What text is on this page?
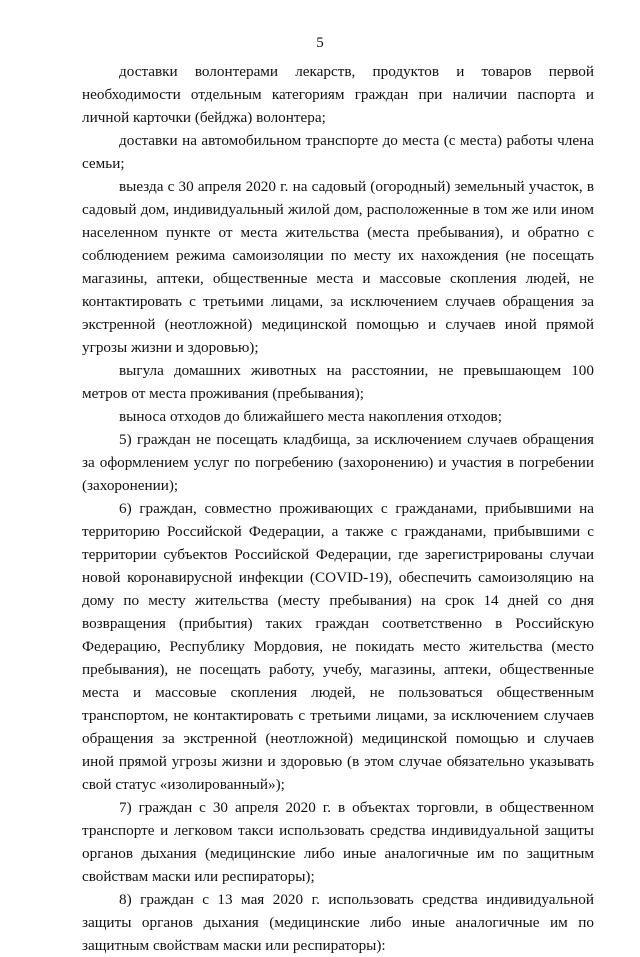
5

доставки волонтерами лекарств, продуктов и товаров первой необходимости отдельным категориям граждан при наличии паспорта и личной карточки (бейджа) волонтера;

доставки на автомобильном транспорте до места (с места) работы члена семьи;

выезда с 30 апреля 2020 г. на садовый (огородный) земельный участок, в садовый дом, индивидуальный жилой дом, расположенные в том же или ином населенном пункте от места жительства (места пребывания), и обратно с соблюдением режима самоизоляции по месту их нахождения (не посещать магазины, аптеки, общественные места и массовые скопления людей, не контактировать с третьими лицами, за исключением случаев обращения за экстренной (неотложной) медицинской помощью и случаев иной прямой угрозы жизни и здоровью);

выгула домашних животных на расстоянии, не превышающем 100 метров от места проживания (пребывания);

выноса отходов до ближайшего места накопления отходов;

5) граждан не посещать кладбища, за исключением случаев обращения за оформлением услуг по погребению (захоронению) и участия в погребении (захоронении);

6) граждан, совместно проживающих с гражданами, прибывшими на территорию Российской Федерации, а также с гражданами, прибывшими с территории субъектов Российской Федерации, где зарегистрированы случаи новой коронавирусной инфекции (COVID-19), обеспечить самоизоляцию на дому по месту жительства (месту пребывания) на срок 14 дней со дня возвращения (прибытия) таких граждан соответственно в Российскую Федерацию, Республику Мордовия, не покидать место жительства (место пребывания), не посещать работу, учебу, магазины, аптеки, общественные места и массовые скопления людей, не пользоваться общественным транспортом, не контактировать с третьими лицами, за исключением случаев обращения за экстренной (неотложной) медицинской помощью и случаев иной прямой угрозы жизни и здоровью (в этом случае обязательно указывать свой статус «изолированный»);

7) граждан с 30 апреля 2020 г. в объектах торговли, в общественном транспорте и легковом такси использовать средства индивидуальной защиты органов дыхания (медицинские либо иные аналогичные им по защитным свойствам маски или респираторы);

8) граждан с 13 мая 2020 г. использовать средства индивидуальной защиты органов дыхания (медицинские либо иные аналогичные им по защитным свойствам маски или респираторы):
